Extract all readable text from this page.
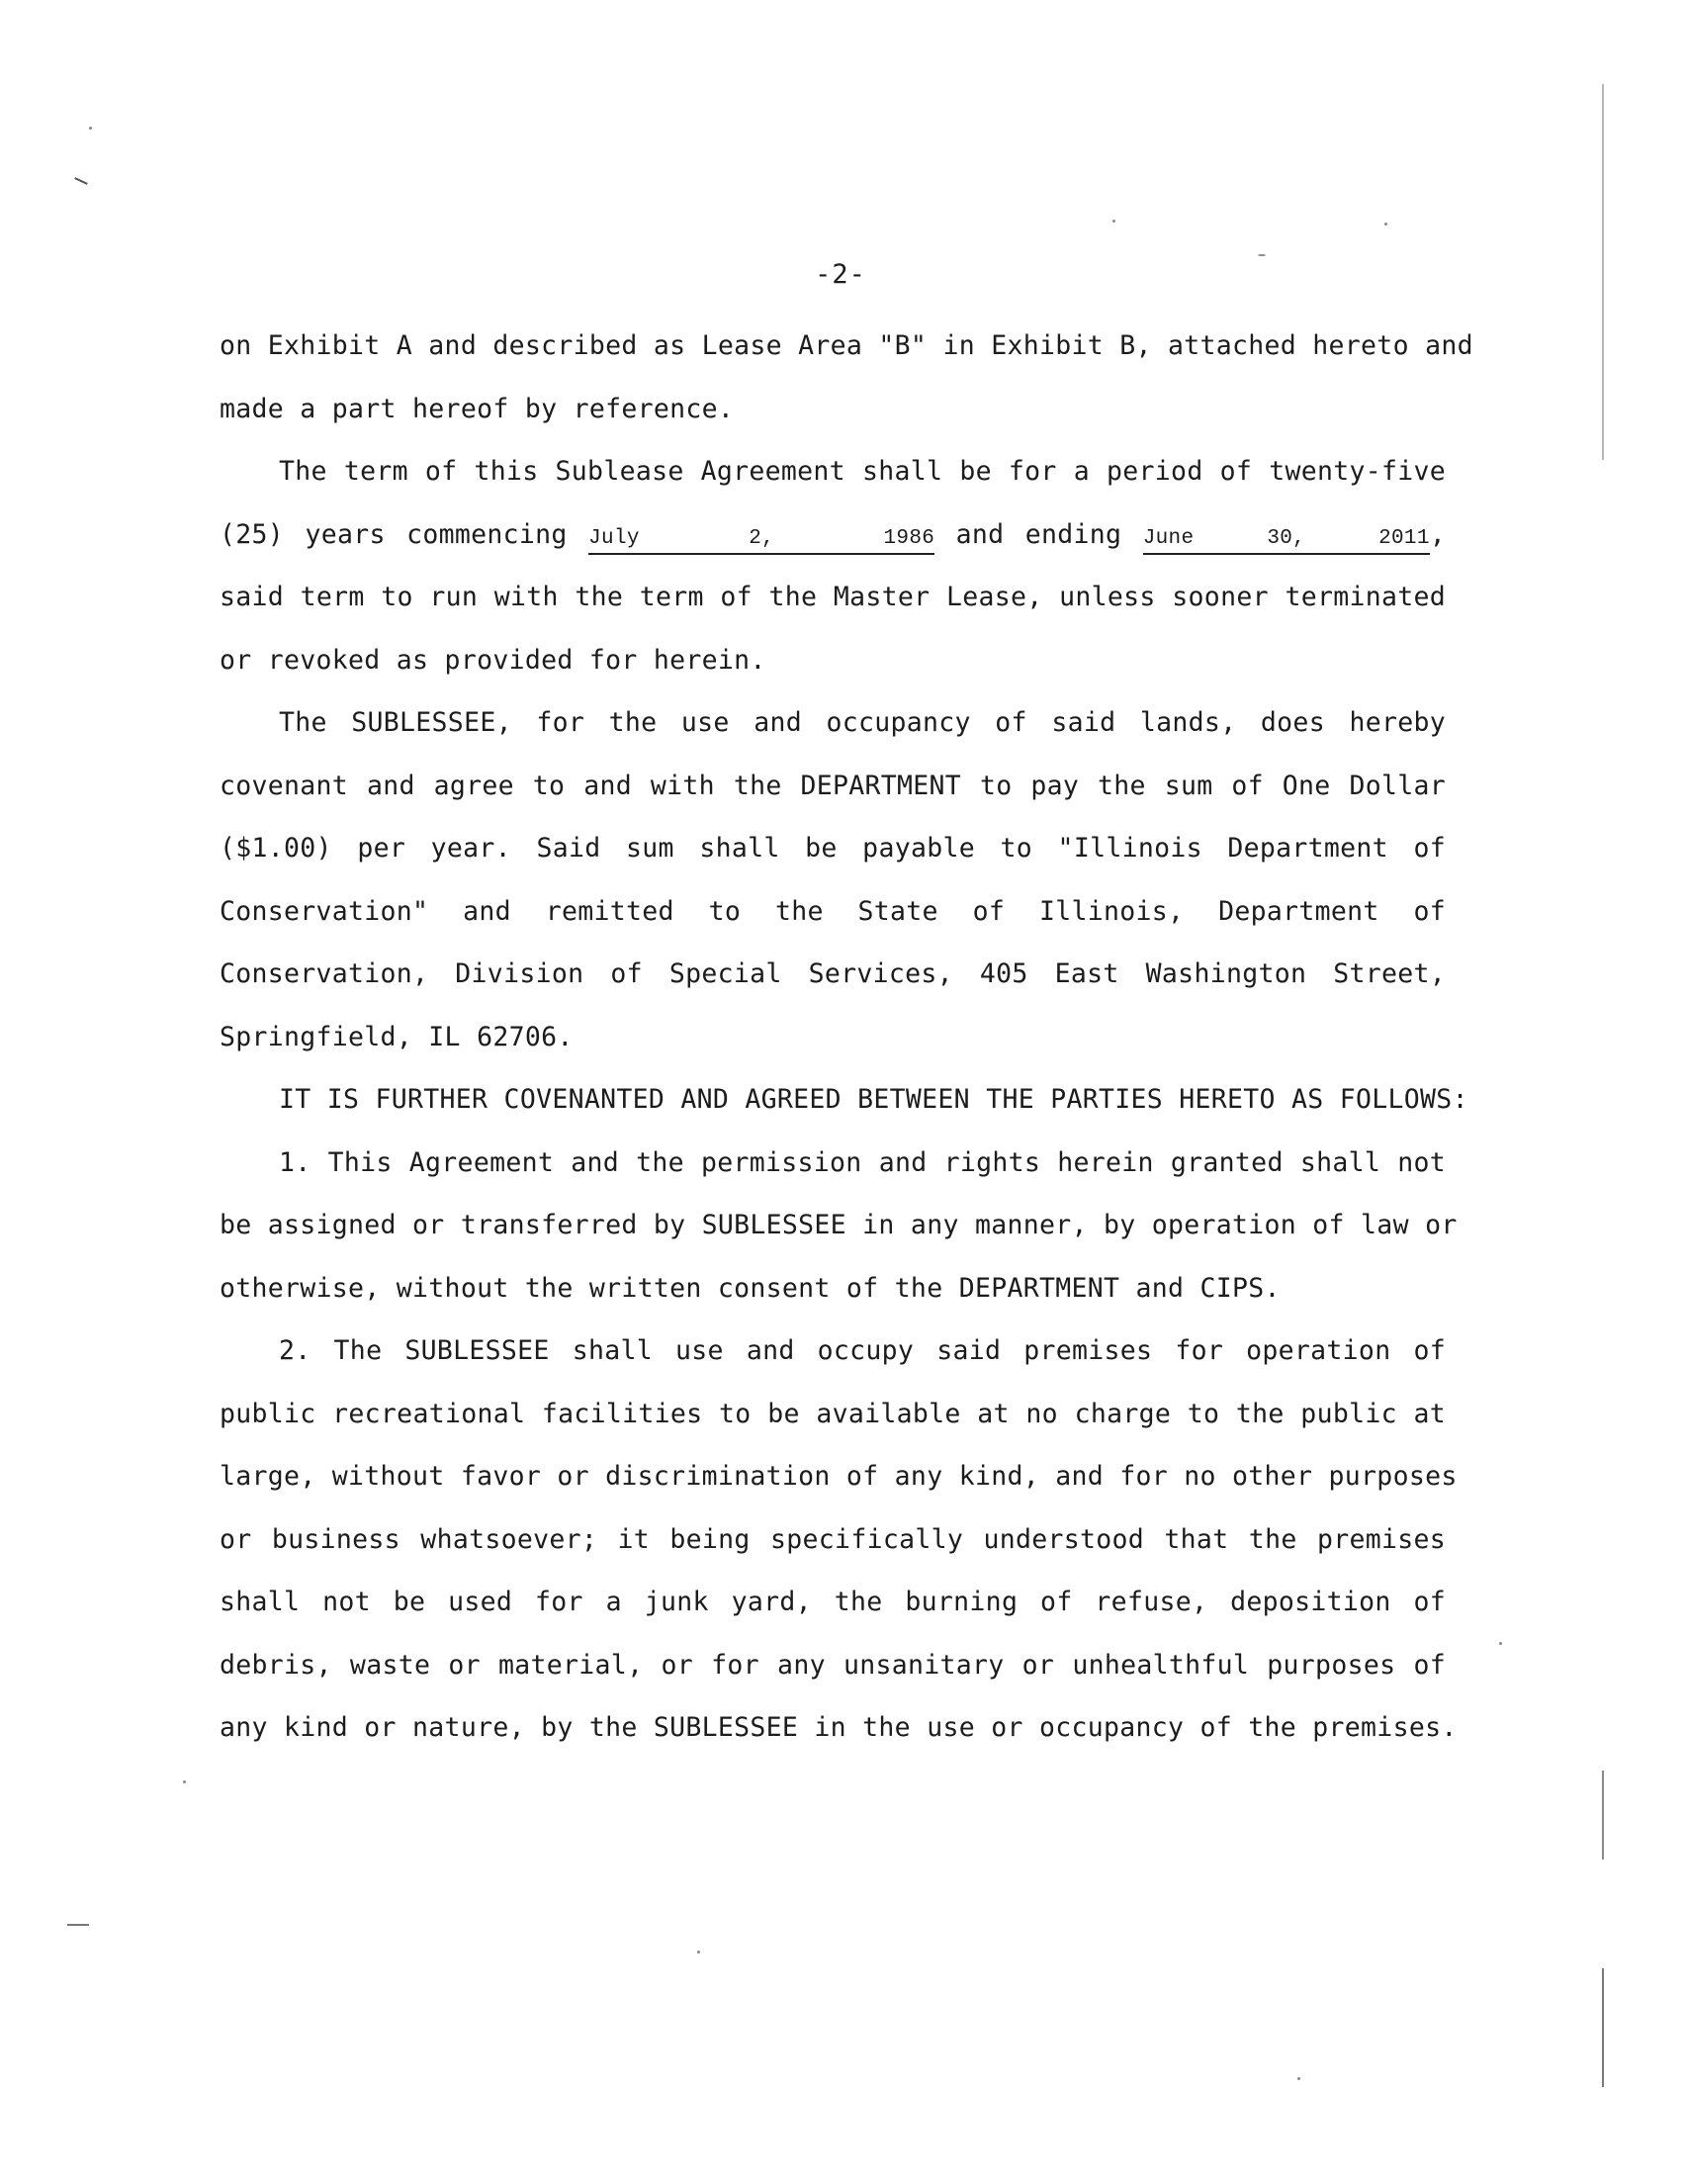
-2-
on Exhibit A and described as Lease Area "B" in Exhibit B, attached hereto and
made a part hereof by reference.
The term of this Sublease Agreement shall be for a period of twenty-five
(25) years commencing July 2, 1986 and ending June 30, 2011,
said term to run with the term of the Master Lease, unless sooner terminated
or revoked as provided for herein.
The SUBLESSEE, for the use and occupancy of said lands, does hereby
covenant and agree to and with the DEPARTMENT to pay the sum of One Dollar
($1.00) per year. Said sum shall be payable to "Illinois Department of
Conservation" and remitted to the State of Illinois, Department of
Conservation, Division of Special Services, 405 East Washington Street,
Springfield, IL 62706.
IT IS FURTHER COVENANTED AND AGREED BETWEEN THE PARTIES HERETO AS FOLLOWS:
1. This Agreement and the permission and rights herein granted shall not
be assigned or transferred by SUBLESSEE in any manner, by operation of law or
otherwise, without the written consent of the DEPARTMENT and CIPS.
2. The SUBLESSEE shall use and occupy said premises for operation of
public recreational facilities to be available at no charge to the public at
large, without favor or discrimination of any kind, and for no other purposes
or business whatsoever; it being specifically understood that the premises
shall not be used for a junk yard, the burning of refuse, deposition of
debris, waste or material, or for any unsanitary or unhealthful purposes of
any kind or nature, by the SUBLESSEE in the use or occupancy of the premises.
